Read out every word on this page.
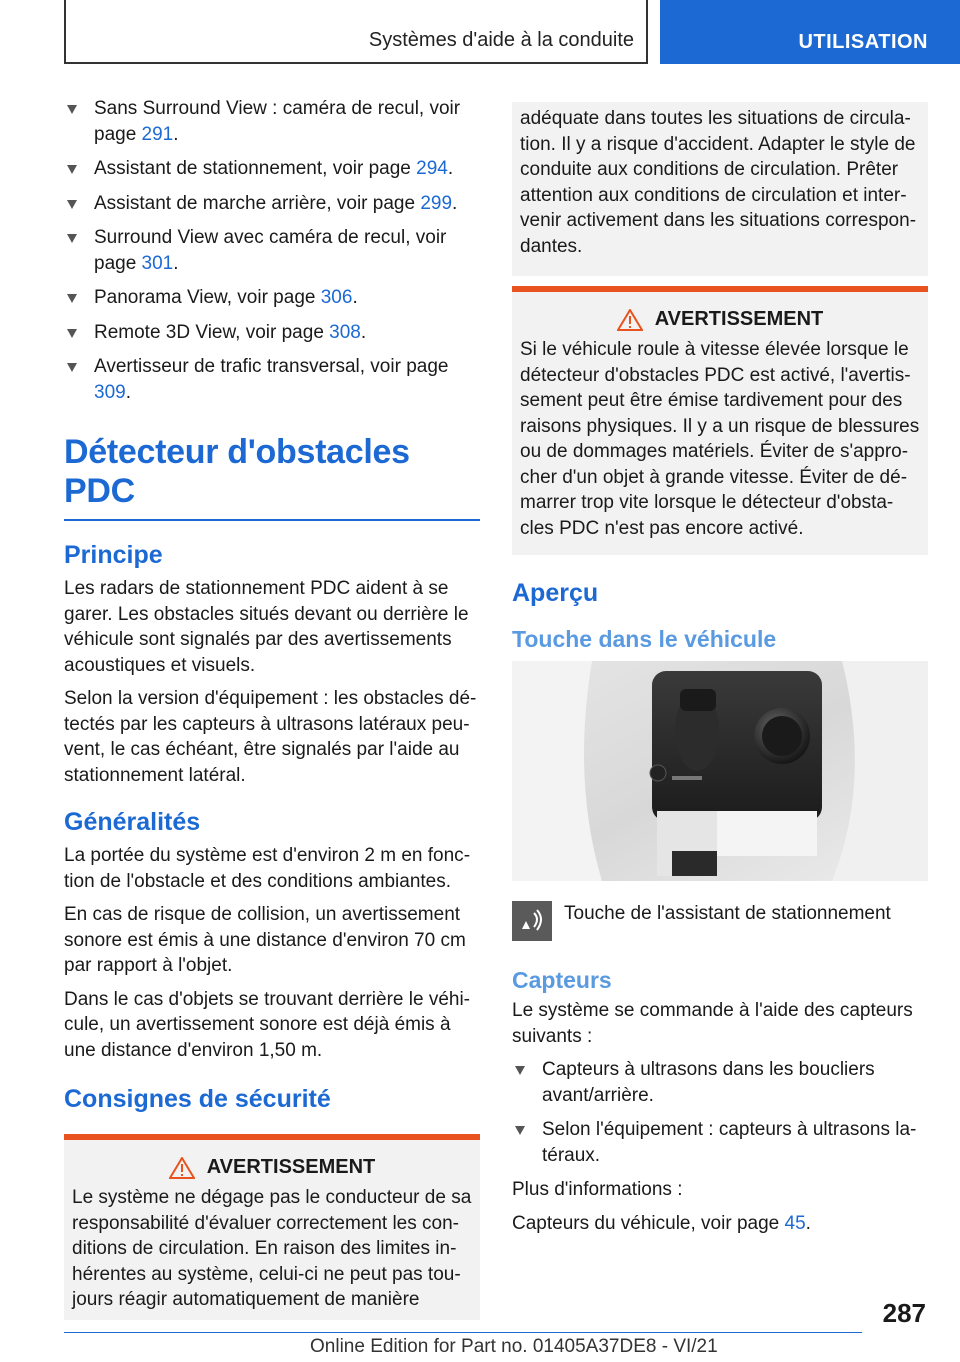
Systèmes d'aide à la conduite	UTILISATION
Sans Surround View : caméra de recul, voir page 291.
Assistant de stationnement, voir page 294.
Assistant de marche arrière, voir page 299.
Surround View avec caméra de recul, voir page 301.
Panorama View, voir page 306.
Remote 3D View, voir page 308.
Avertisseur de trafic transversal, voir page 309.
Détecteur d'obstacles PDC
Principe

Les radars de stationnement PDC aident à se garer. Les obstacles situés devant ou derrière le véhicule sont signalés par des avertissements acoustiques et visuels.

Selon la version d'équipement : les obstacles détectés par les capteurs à ultrasons latéraux peuvent, le cas échéant, être signalés par l'aide au stationnement latéral.

Généralités

La portée du système est d'environ 2 m en fonction de l'obstacle et des conditions ambiantes.

En cas de risque de collision, un avertissement sonore est émis à une distance d'environ 70 cm par rapport à l'objet.

Dans le cas d'objets se trouvant derrière le véhicule, un avertissement sonore est déjà émis à une distance d'environ 1,50 m.

Consignes de sécurité
AVERTISSEMENT

Le système ne dégage pas le conducteur de sa responsabilité d'évaluer correctement les conditions de circulation. En raison des limites inhérentes au système, celui-ci ne peut pas toujours réagir automatiquement de manière

adéquate dans toutes les situations de circulation. Il y a risque d'accident. Adapter le style de conduite aux conditions de circulation. Prêter attention aux conditions de circulation et intervenir activement dans les situations correspondantes.

AVERTISSEMENT

Si le véhicule roule à vitesse élevée lorsque le détecteur d'obstacles PDC est activé, l'avertissement peut être émise tardivement pour des raisons physiques. Il y a un risque de blessures ou de dommages matériels. Éviter de s'approcher d'un objet à grande vitesse. Éviter de démarrer trop vite lorsque le détecteur d'obstacles PDC n'est pas encore activé.

Aperçu
Touche dans le véhicule
Touche de l'assistant de stationnement
Capteurs

Le système se commande à l'aide des capteurs suivants :

Capteurs à ultrasons dans les boucliers avant/arrière.
Selon l'équipement : capteurs à ultrasons latéraux.

Plus d'informations :

Capteurs du véhicule, voir page 45.

287
Online Edition for Part no. 01405A37DE8 - VI/21
